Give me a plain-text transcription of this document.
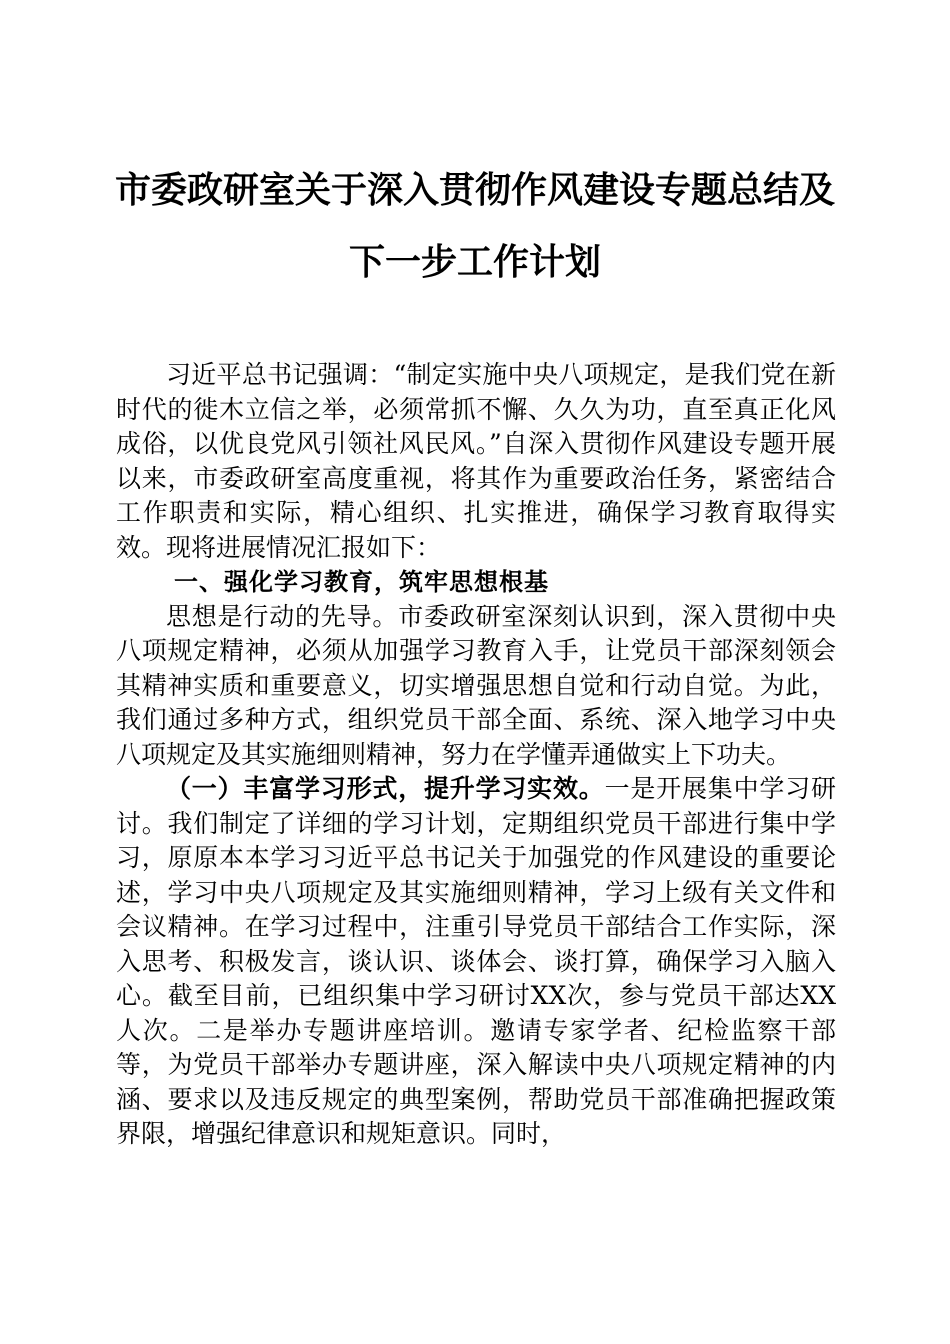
市委政研室关于深入贯彻作风建设专题总结及
下一步工作计划

习近平总书记强调：“制定实施中央八项规定，是我们党在新时代的徙木立信之举，必须常抓不懈、久久为功，直至真正化风成俗，以优良党风引领社风民风。”自深入贯彻作风建设专题开展以来，市委政研室高度重视，将其作为重要政治任务，紧密结合工作职责和实际，精心组织、扎实推进，确保学习教育取得实效。现将进展情况汇报如下：

一、强化学习教育，筑牢思想根基

思想是行动的先导。市委政研室深刻认识到，深入贯彻中央八项规定精神，必须从加强学习教育入手，让党员干部深刻领会其精神实质和重要意义，切实增强思想自觉和行动自觉。为此，我们通过多种方式，组织党员干部全面、系统、深入地学习中央八项规定及其实施细则精神，努力在学懂弄通做实上下功夫。

（一）丰富学习形式，提升学习实效。一是开展集中学习研讨。我们制定了详细的学习计划，定期组织党员干部进行集中学习，原原本本学习习近平总书记关于加强党的作风建设的重要论述，学习中央八项规定及其实施细则精神，学习上级有关文件和会议精神。在学习过程中，注重引导党员干部结合工作实际，深入思考、积极发言，谈认识、谈体会、谈打算，确保学习入脑入心。截至目前，已组织集中学习研讨XX次，参与党员干部达XX人次。二是举办专题讲座培训。邀请专家学者、纪检监察干部等，为党员干部举办专题讲座，深入解读中央八项规定精神的内涵、要求以及违反规定的典型案例，帮助党员干部准确把握政策界限，增强纪律意识和规矩意识。同时，
